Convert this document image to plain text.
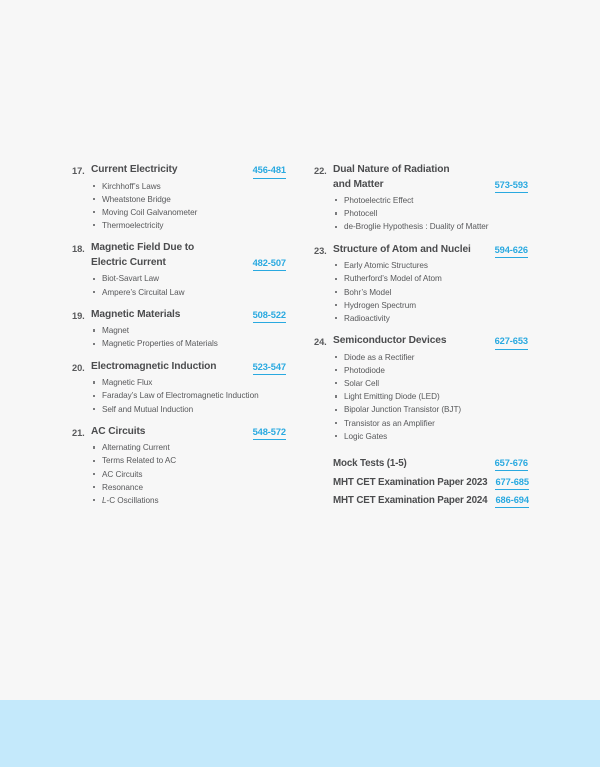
17. Current Electricity	456-481
Kirchhoff’s Laws
Wheatstone Bridge
Moving Coil Galvanometer
Thermoelectricity
18. Magnetic Field Due to
Electric Current	482-507
Biot-Savart Law
Ampere’s Circuital Law
19. Magnetic Materials	508-522
Magnet
Magnetic Properties of Materials
20. Electromagnetic Induction	523-547
Magnetic Flux
Faraday’s Law of Electromagnetic Induction
Self and Mutual Induction
21. AC Circuits	548-572
Alternating Current
Terms Related to AC
AC Circuits
Resonance
L-C Oscillations
22. Dual Nature of Radiation
and Matter	573-593
Photoelectric Effect
Photocell
de-Broglie Hypothesis : Duality of Matter
23. Structure of Atom and Nuclei	594-626
Early Atomic Structures
Rutherford’s Model of Atom
Bohr’s Model
Hydrogen Spectrum
Radioactivity
24. Semiconductor Devices	627-653
Diode as a Rectifier
Photodiode
Solar Cell
Light Emitting Diode (LED)
Bipolar Junction Transistor (BJT)
Transistor as an Amplifier
Logic Gates
Mock Tests (1-5)	657-676
MHT CET Examination Paper 2023 677-685
MHT CET Examination Paper 2024 686-694
